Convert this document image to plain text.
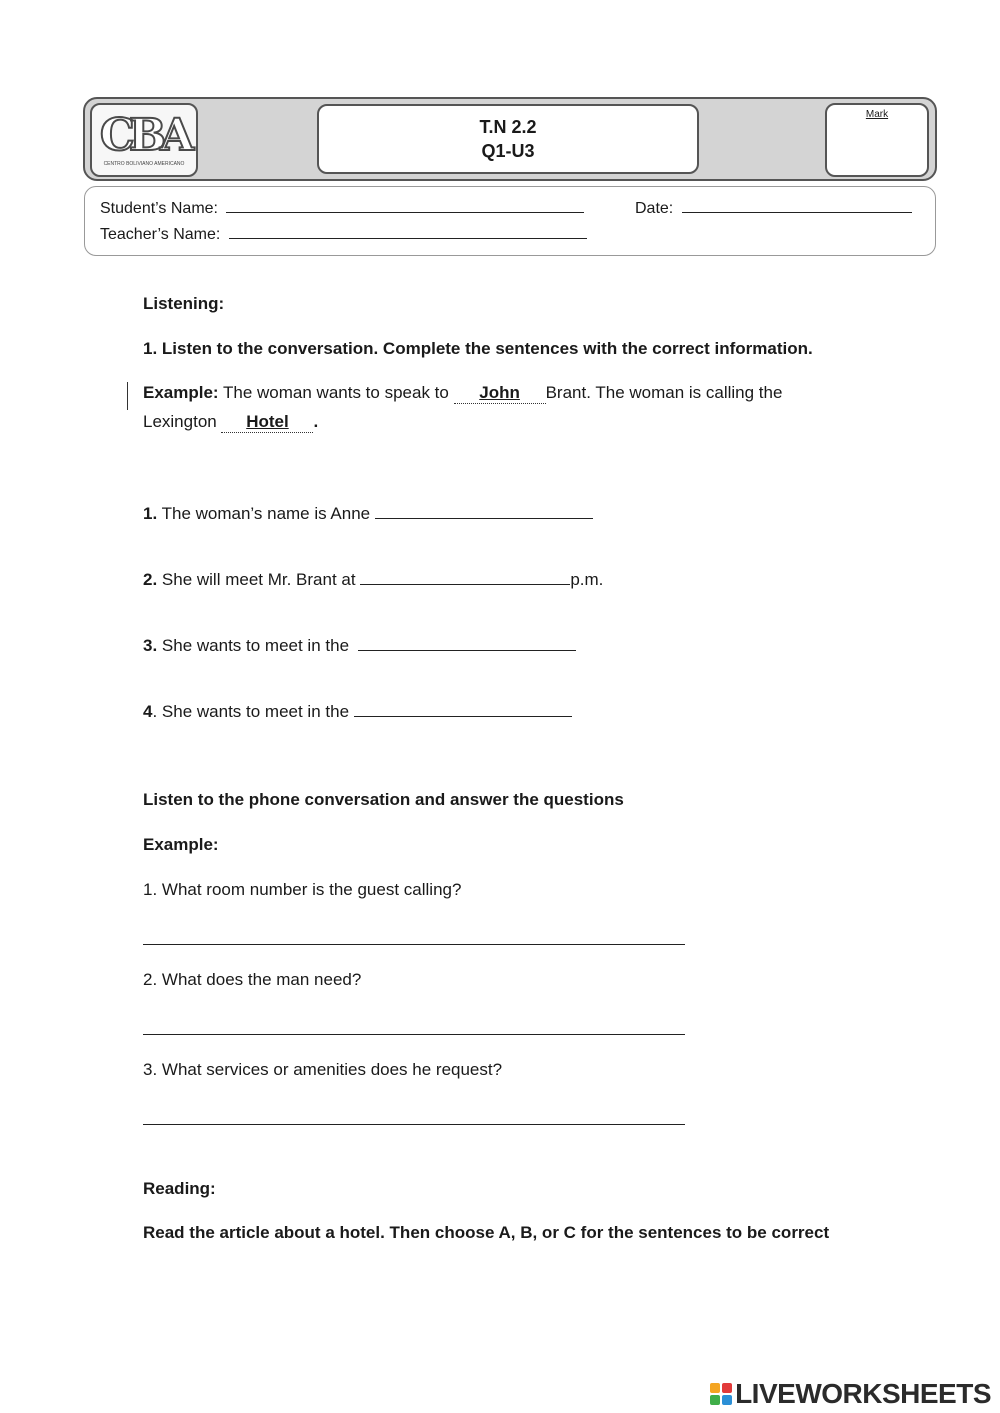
CBA
CENTRO BOLIVIANO AMERICANO
T.N 2.2
Q1-U3
Mark
Student’s Name:	Date:
Teacher’s Name:
Listening:
1. Listen to the conversation. Complete the sentences with the correct information.
Example: The woman wants to speak to John Brant. The woman is calling the
Lexington Hotel .
1. The woman’s name is Anne
2. She will meet Mr. Brant at	p.m.
3. She wants to meet in the
4. She wants to meet in the
Listen to the phone conversation and answer the questions
Example:
1. What room number is the guest calling?
2. What does the man need?
3. What services or amenities does he request?
Reading:
Read the article about a hotel. Then choose A, B, or C for the sentences to be correct
LIVEWORKSHEETS
